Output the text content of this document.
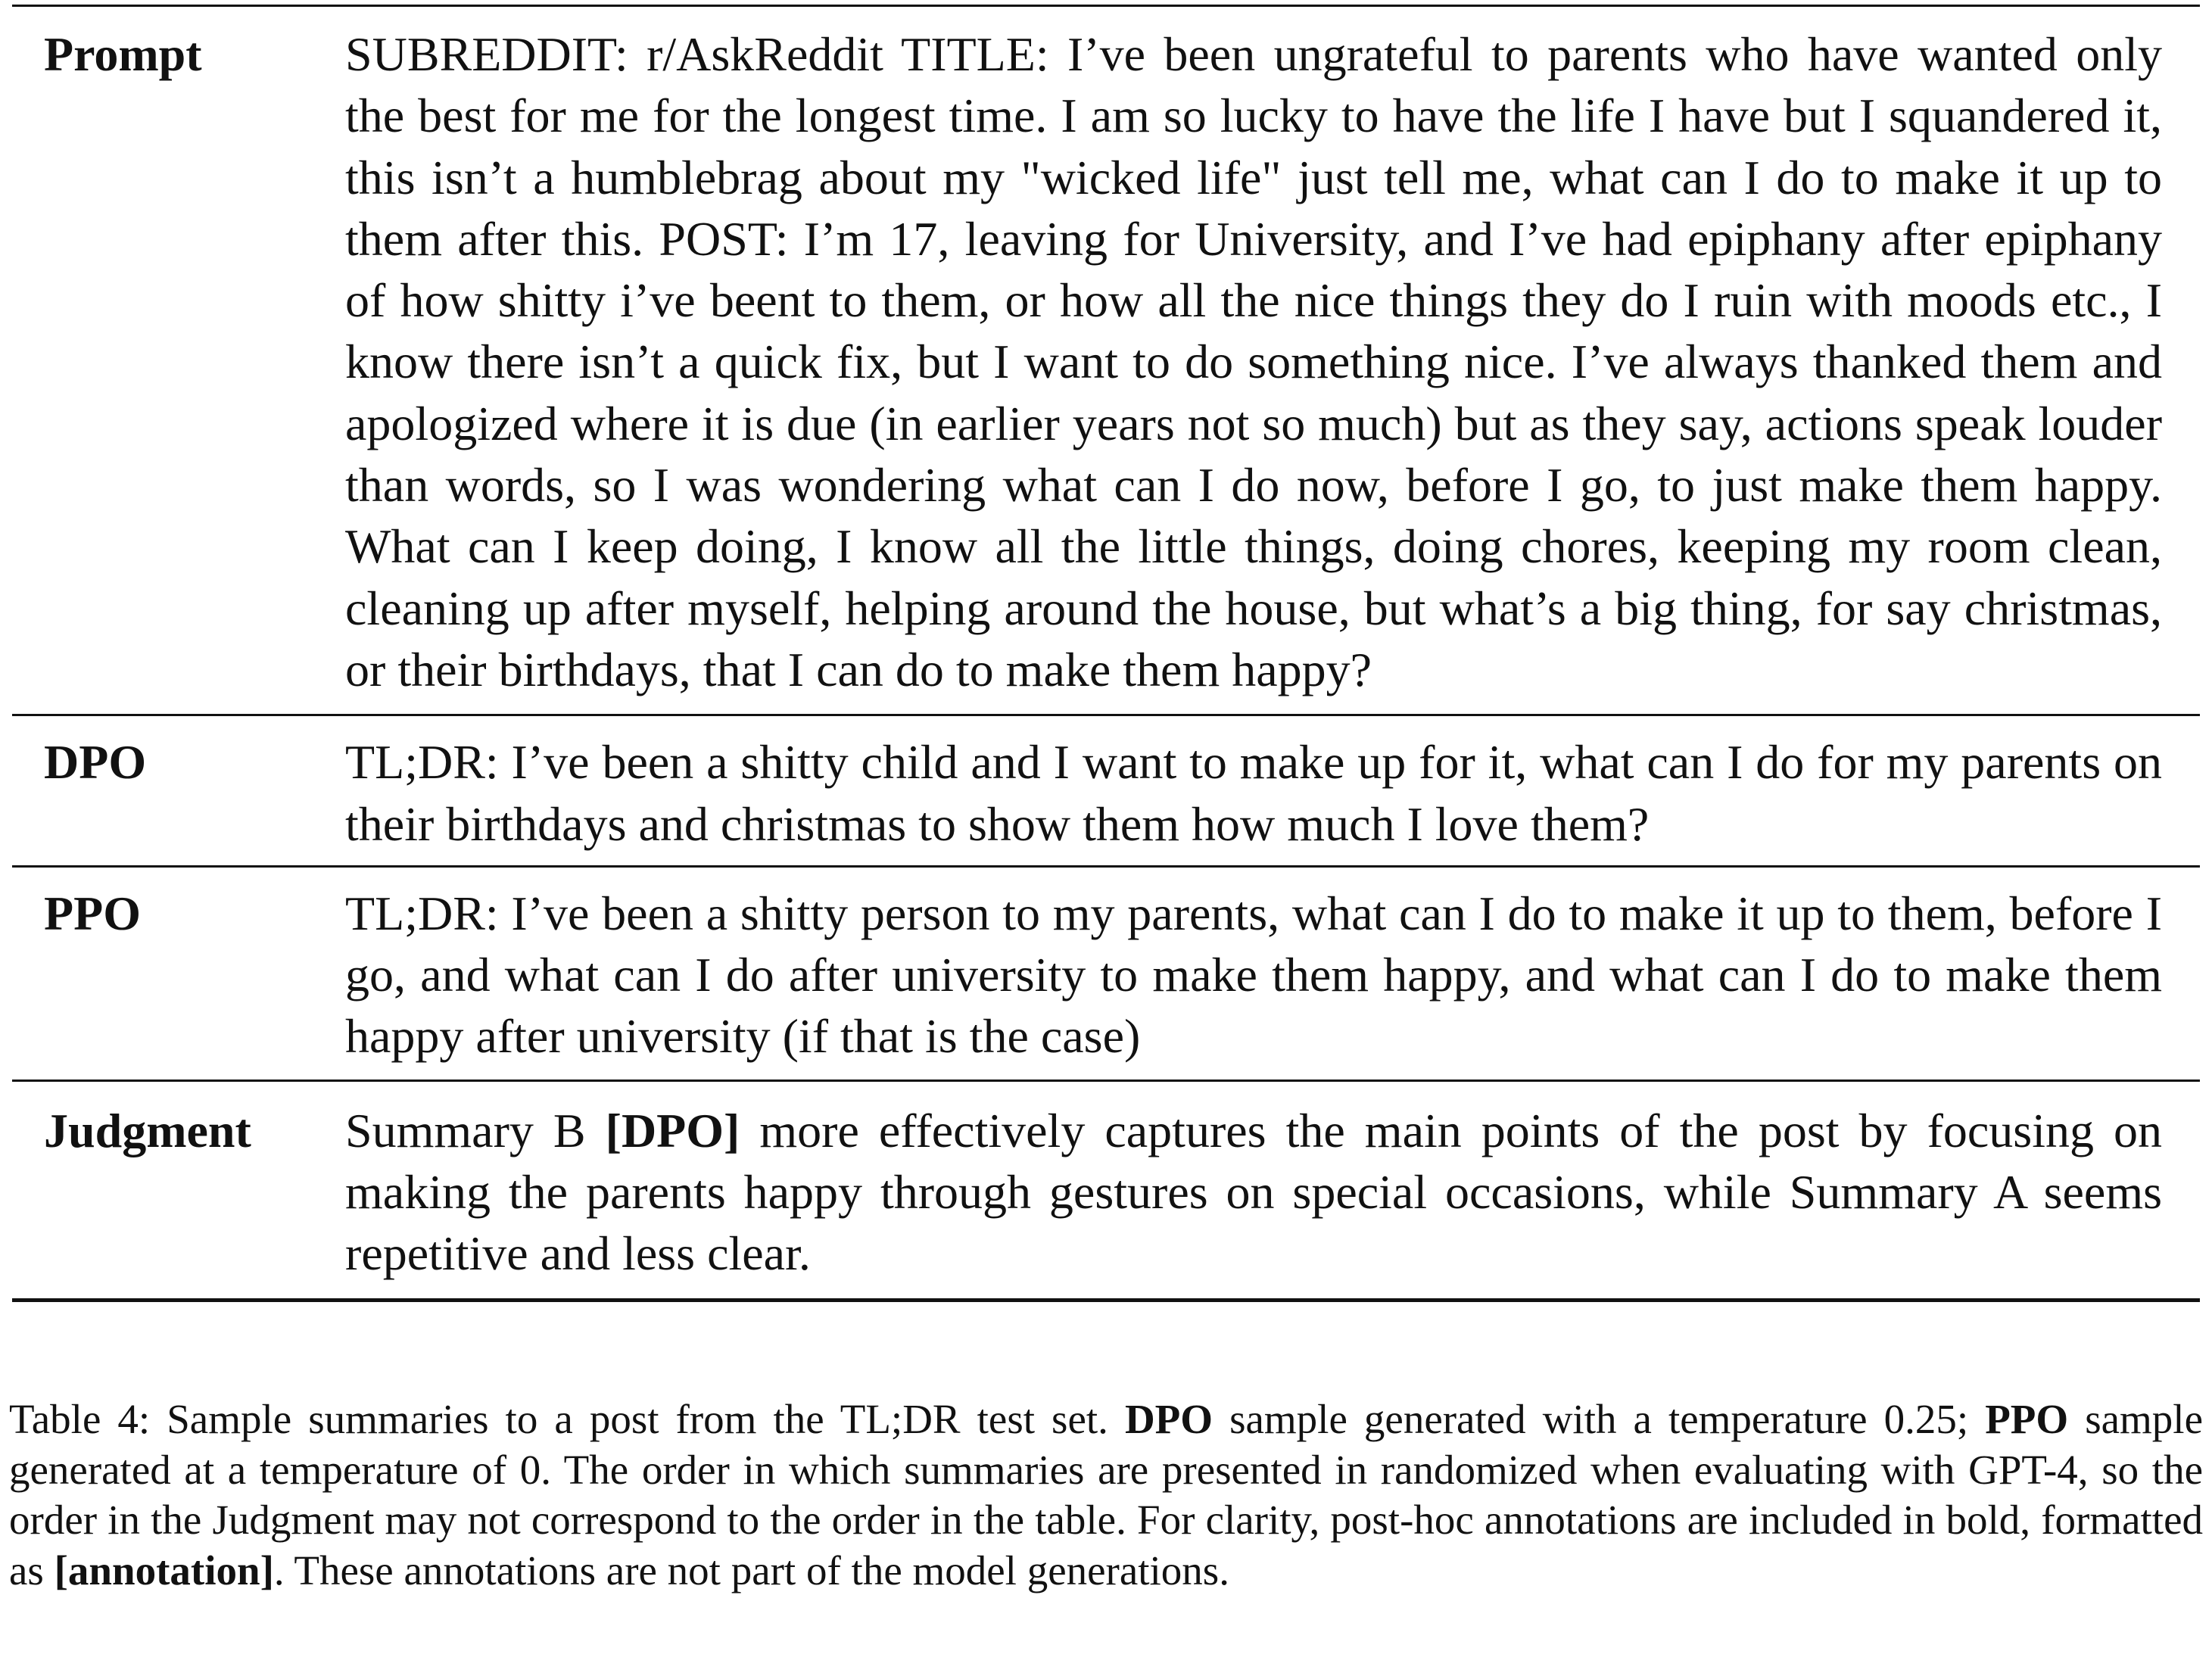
Prompt	SUBREDDIT: r/AskReddit TITLE: I’ve been ungrateful to parents who have wanted only the best for me for the longest time. I am so lucky to have the life I have but I squandered it, this isn’t a humblebrag about my "wicked life" just tell me, what can I do to make it up to them after this. POST: I’m 17, leaving for University, and I’ve had epiphany after epiphany of how shitty i’ve beent to them, or how all the nice things they do I ruin with moods etc., I know there isn’t a quick fix, but I want to do something nice. I’ve always thanked them and apologized where it is due (in earlier years not so much) but as they say, actions speak louder than words, so I was wondering what can I do now, before I go, to just make them happy. What can I keep doing, I know all the little things, doing chores, keeping my room clean, cleaning up after myself, helping around the house, but what’s a big thing, for say christmas, or their birthdays, that I can do to make them happy?
DPO	TL;DR: I’ve been a shitty child and I want to make up for it, what can I do for my parents on their birthdays and christmas to show them how much I love them?
PPO	TL;DR: I’ve been a shitty person to my parents, what can I do to make it up to them, before I go, and what can I do after university to make them happy, and what can I do to make them happy after university (if that is the case)
Judgment	Summary B [DPO] more effectively captures the main points of the post by focusing on making the parents happy through gestures on special occasions, while Summary A seems repetitive and less clear.
Table 4: Sample summaries to a post from the TL;DR test set. DPO sample generated with a temperature 0.25; PPO sample generated at a temperature of 0. The order in which summaries are presented in randomized when evaluating with GPT-4, so the order in the Judgment may not correspond to the order in the table. For clarity, post-hoc annotations are included in bold, formatted as [annotation]. These annotations are not part of the model generations.
